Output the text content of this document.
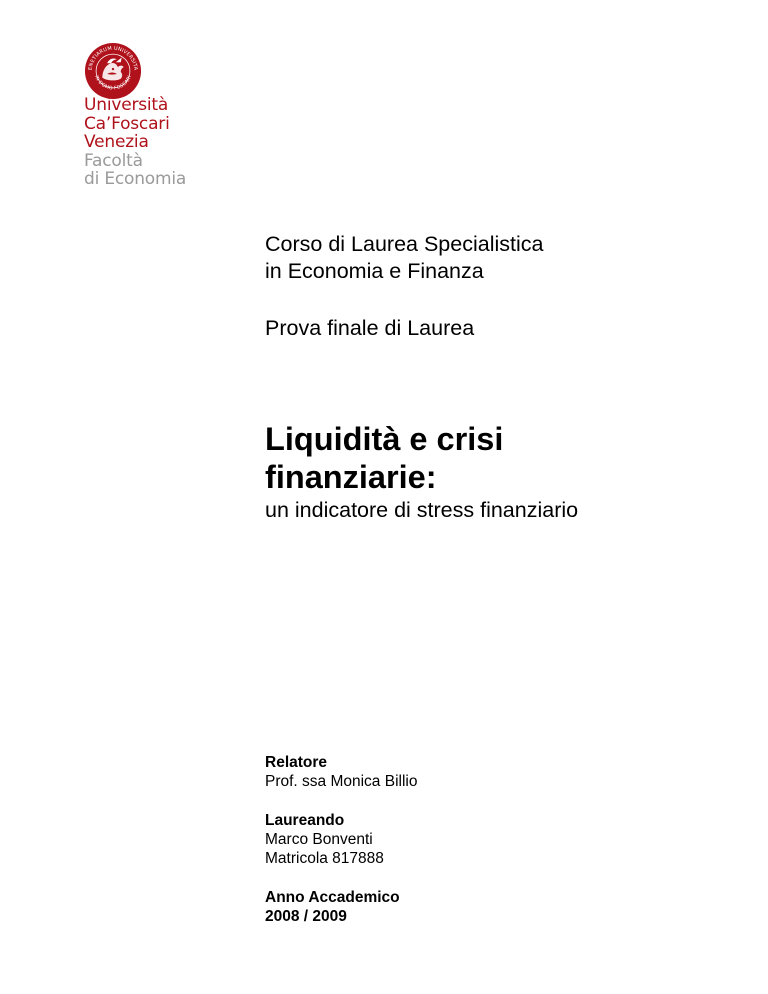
ENETIARUM UNIVERSITA
IN DOMO FOSCARI
Università
Ca’Foscari
Venezia
Facoltà
di Economia
Corso di Laurea Specialistica
in Economia e Finanza
Prova finale di Laurea
Liquidità e crisi
finanziarie:
un indicatore di stress finanziario
Relatore
Prof. ssa Monica Billio
Laureando
Marco Bonventi
Matricola 817888
Anno Accademico
2008 / 2009
